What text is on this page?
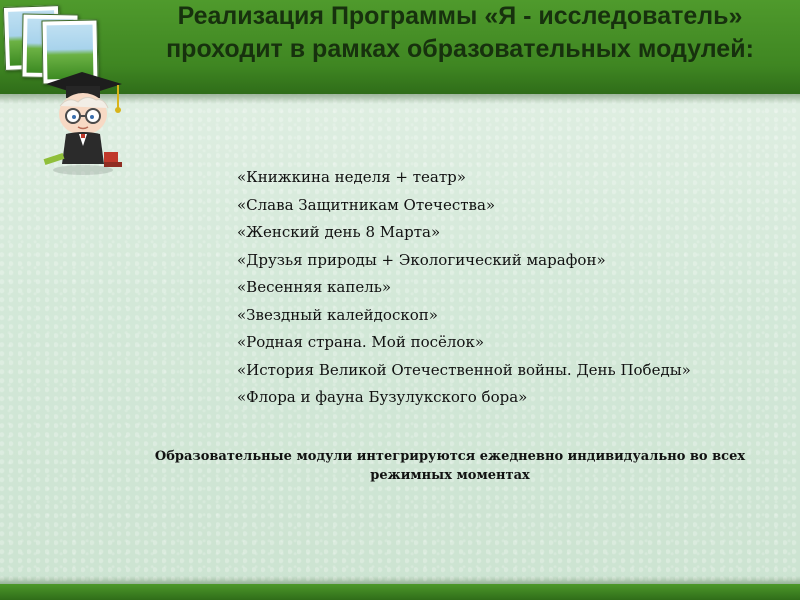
Реализация Программы «Я - исследователь»
проходит в рамках образовательных модулей:
«Книжкина неделя + театр»
«Слава Защитникам Отечества»
«Женский день 8 Марта»
«Друзья природы + Экологический марафон»
«Весенняя капель»
«Звездный калейдоскоп»
«Родная страна. Мой посёлок»
«История Великой Отечественной войны. День Победы»
«Флора и фауна Бузулукского бора»
Образовательные модули интегрируются ежедневно индивидуально во всех
режимных моментах
